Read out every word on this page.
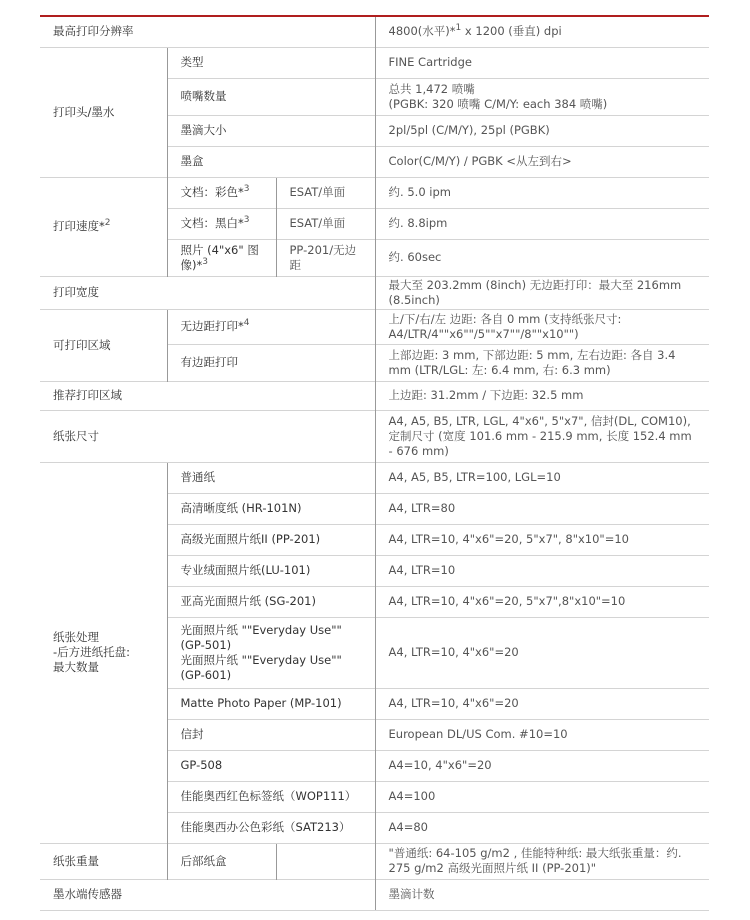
最高打印分辨率			4800(水平)*$^1$ x 1200 (垂直) dpi
打印头/墨水	类型		FINE Cartridge
	喷嘴数量		总共 1,472 喷嘴
(PGBK: 320 喷嘴 C/M/Y: each 384 喷嘴)

	墨滴大小		2pl/5pl (C/M/Y), 25pl (PGBK)
	墨盒		Color(C/M/Y) / PGBK <从左到右>
打印速度*$^2$	文档：彩色*$^3$	ESAT/单面	约. 5.0 ipm
	文档：黑白*$^3$	ESAT/单面	约. 8.8ipm
	照片 (4"x6" 图像)*$^3$	PP-201/无边距	约. 60sec
打印宽度			最大至 203.2mm (8inch) 无边距打印：最大至 216mm (8.5inch)
可打印区域	无边距打印*$^4$		上/下/右/左 边距: 各自 0 mm (支持纸张尺寸: A4/LTR/4""x6""/5""x7""/8""x10"")
	有边距打印		上部边距: 3 mm, 下部边距: 5 mm, 左右边距: 各自 3.4 mm (LTR/LGL: 左: 6.4 mm, 右: 6.3 mm)
推荐打印区域			上边距: 31.2mm / 下边距: 32.5 mm
纸张尺寸			A4, A5, B5, LTR, LGL, 4"x6", 5"x7", 信封(DL, COM10), 定制尺寸 (宽度 101.6 mm - 215.9 mm, 长度 152.4 mm - 676 mm)

纸张处理
-后方进纸托盘:
最大数量	普通纸		A4, A5, B5, LTR=100, LGL=10
	高清晰度纸 (HR-101N)		A4, LTR=80
	高级光面照片纸II (PP-201)		A4, LTR=10, 4"x6"=20, 5"x7", 8"x10"=10
	专业绒面照片纸(LU-101)		A4, LTR=10
	亚高光面照片纸 (SG-201)		A4, LTR=10, 4"x6"=20, 5"x7",8"x10"=10
	光面照片纸 ""Everyday Use"" (GP-501)
光面照片纸 ""Everyday Use"" (GP-601)		A4, LTR=10, 4"x6"=20
	Matte Photo Paper (MP-101)		A4, LTR=10, 4"x6"=20
	信封		European DL/US Com. #10=10
	GP-508		A4=10, 4"x6"=20
	佳能奥西红色标签纸（WOP111）		A4=100
	佳能奥西办公色彩纸（SAT213）		A4=80
纸张重量	后部纸盒		"普通纸: 64-105 g/m2 , 佳能特种纸: 最大纸张重量：约. 275 g/m2 高级光面照片纸 II (PP-201)"
墨水端传感器			墨滴计数
